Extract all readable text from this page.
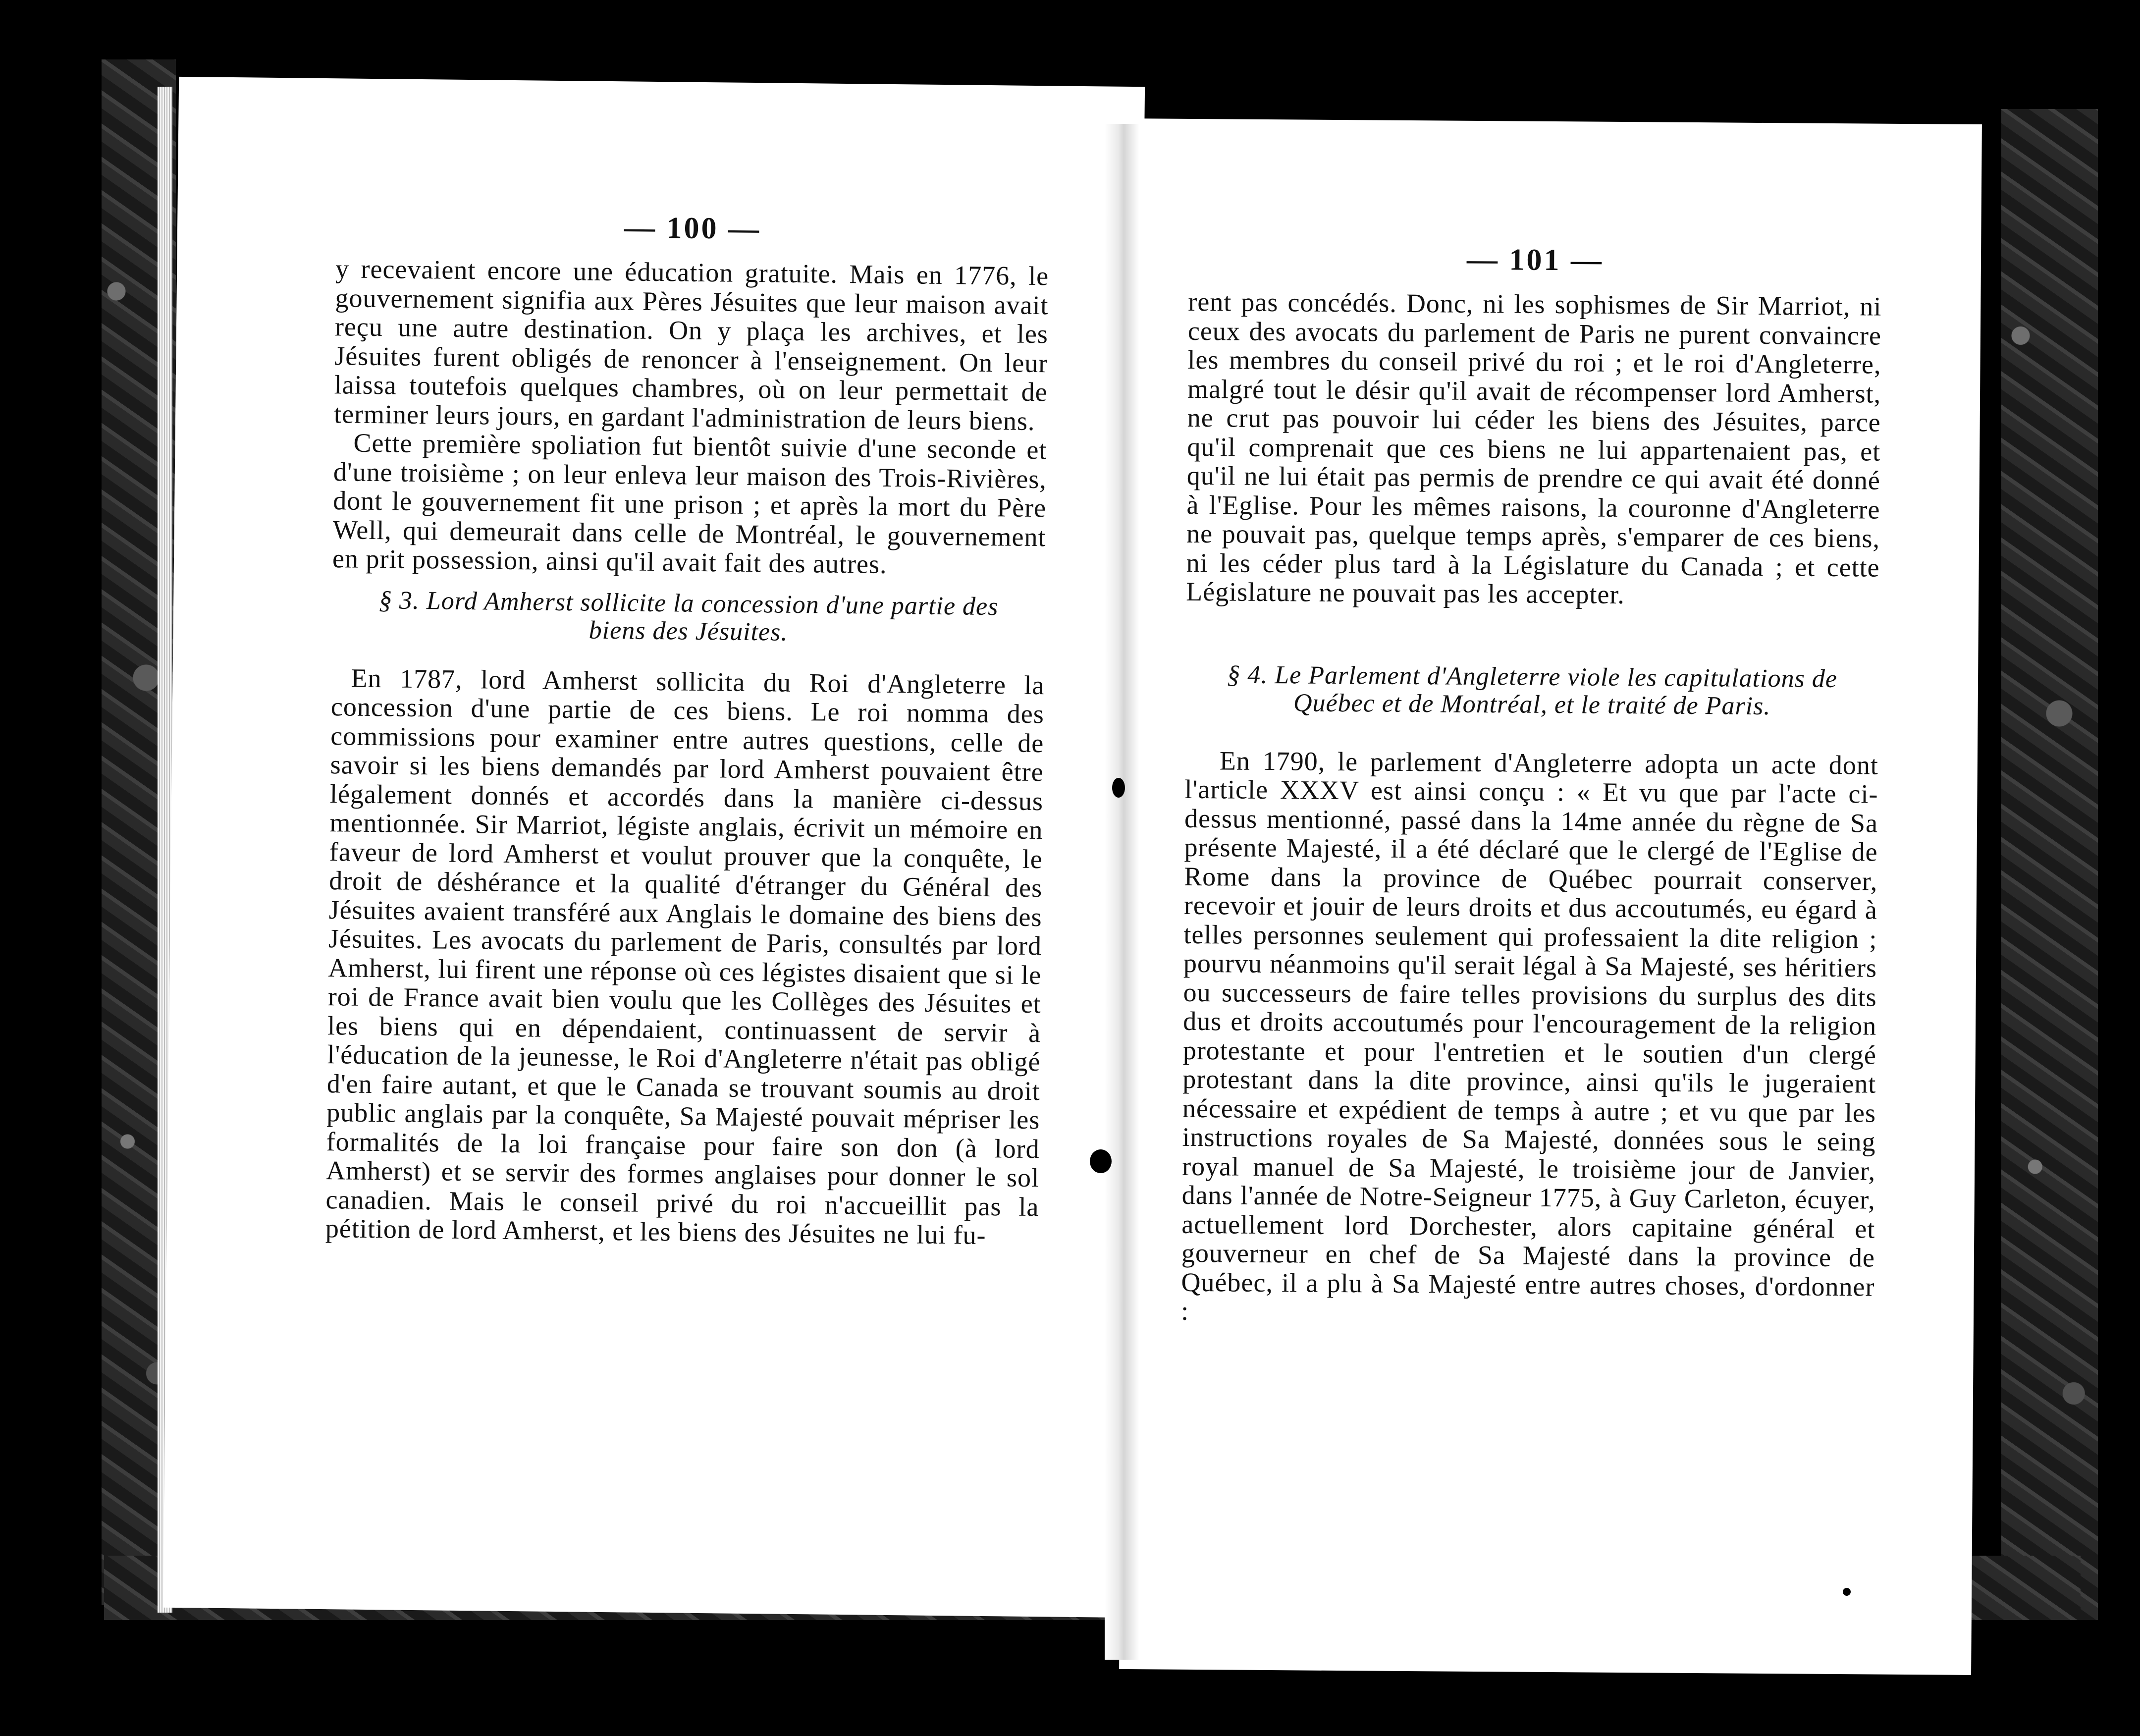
— 100 —

y recevaient encore une éducation gratuite. Mais en 1776, le gouvernement signifia aux Pères Jésuites que leur maison avait reçu une autre destination. On y plaça les archives, et les Jésuites furent obligés de renoncer à l'enseignement. On leur laissa toutefois quelques chambres, où on leur permettait de terminer leurs jours, en gardant l'administration de leurs biens.

Cette première spoliation fut bientôt suivie d'une seconde et d'une troisième ; on leur enleva leur maison des Trois-Rivières, dont le gouvernement fit une prison ; et après la mort du Père Well, qui demeurait dans celle de Montréal, le gouvernement en prit possession, ainsi qu'il avait fait des autres.

§ 3. Lord Amherst sollicite la concession d'une partie des biens des Jésuites.

En 1787, lord Amherst sollicita du Roi d'Angleterre la concession d'une partie de ces biens. Le roi nomma des commissions pour examiner entre autres questions, celle de savoir si les biens demandés par lord Amherst pouvaient être légalement donnés et accordés dans la manière ci-dessus mentionnée. Sir Marriot, légiste anglais, écrivit un mémoire en faveur de lord Amherst et voulut prouver que la conquête, le droit de déshérance et la qualité d'étranger du Général des Jésuites avaient transféré aux Anglais le domaine des biens des Jésuites. Les avocats du parlement de Paris, consultés par lord Amherst, lui firent une réponse où ces légistes disaient que si le roi de France avait bien voulu que les Collèges des Jésuites et les biens qui en dépendaient, continuassent de servir à l'éducation de la jeunesse, le Roi d'Angleterre n'était pas obligé d'en faire autant, et que le Canada se trouvant soumis au droit public anglais par la conquête, Sa Majesté pouvait mépriser les formalités de la loi française pour faire son don (à lord Amherst) et se servir des formes anglaises pour donner le sol canadien. Mais le conseil privé du roi n'accueillit pas la pétition de lord Amherst, et les biens des Jésuites ne lui fu-

— 101 —

rent pas concédés. Donc, ni les sophismes de Sir Marriot, ni ceux des avocats du parlement de Paris ne purent convaincre les membres du conseil privé du roi ; et le roi d'Angleterre, malgré tout le désir qu'il avait de récompenser lord Amherst, ne crut pas pouvoir lui céder les biens des Jésuites, parce qu'il comprenait que ces biens ne lui appartenaient pas, et qu'il ne lui était pas permis de prendre ce qui avait été donné à l'Eglise. Pour les mêmes raisons, la couronne d'Angleterre ne pouvait pas, quelque temps après, s'emparer de ces biens, ni les céder plus tard à la Législature du Canada ; et cette Législature ne pouvait pas les accepter.

§ 4. Le Parlement d'Angleterre viole les capitulations de Québec et de Montréal, et le traité de Paris.

En 1790, le parlement d'Angleterre adopta un acte dont l'article XXXV est ainsi conçu : « Et vu que par l'acte ci-dessus mentionné, passé dans la 14me année du règne de Sa présente Majesté, il a été déclaré que le clergé de l'Eglise de Rome dans la province de Québec pourrait conserver, recevoir et jouir de leurs droits et dus accoutumés, eu égard à telles personnes seulement qui professaient la dite religion ; pourvu néanmoins qu'il serait légal à Sa Majesté, ses héritiers ou successeurs de faire telles provisions du surplus des dits dus et droits accoutumés pour l'encouragement de la religion protestante et pour l'entretien et le soutien d'un clergé protestant dans la dite province, ainsi qu'ils le jugeraient nécessaire et expédient de temps à autre ; et vu que par les instructions royales de Sa Majesté, données sous le seing royal manuel de Sa Majesté, le troisième jour de Janvier, dans l'année de Notre-Seigneur 1775, à Guy Carleton, écuyer, actuellement lord Dorchester, alors capitaine général et gouverneur en chef de Sa Majesté dans la province de Québec, il a plu à Sa Majesté entre autres choses, d'ordonner :
